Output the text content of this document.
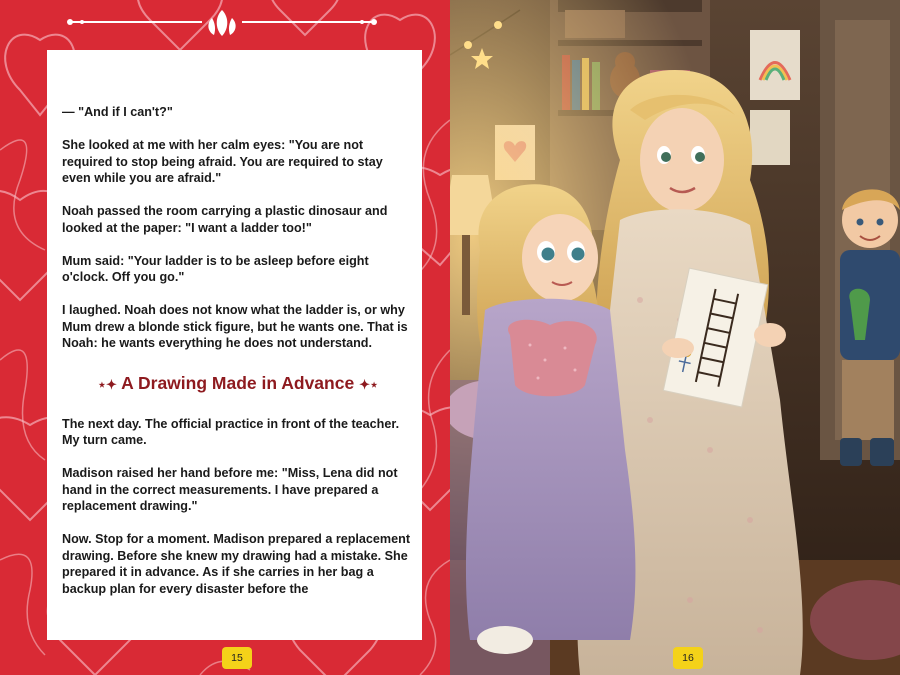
— "And if I can't?"

She looked at me with her calm eyes: "You are not required to stop being afraid. You are required to stay even while you are afraid."

Noah passed the room carrying a plastic dinosaur and looked at the paper: "I want a ladder too!"

Mum said: "Your ladder is to be asleep before eight o'clock. Off you go."

I laughed. Noah does not know what the ladder is, or why Mum drew a blonde stick figure, but he wants one. That is Noah: he wants everything he does not understand.

⋆✦ A Drawing Made in Advance ✦⋆

The next day. The official practice in front of the teacher. My turn came.

Madison raised her hand before me: "Miss, Lena did not hand in the correct measurements. I have prepared a replacement drawing."

Now. Stop for a moment. Madison prepared a replacement drawing. Before she knew my drawing had a mistake. She prepared it in advance. As if she carries in her bag a backup plan for every disaster before the

15	16
